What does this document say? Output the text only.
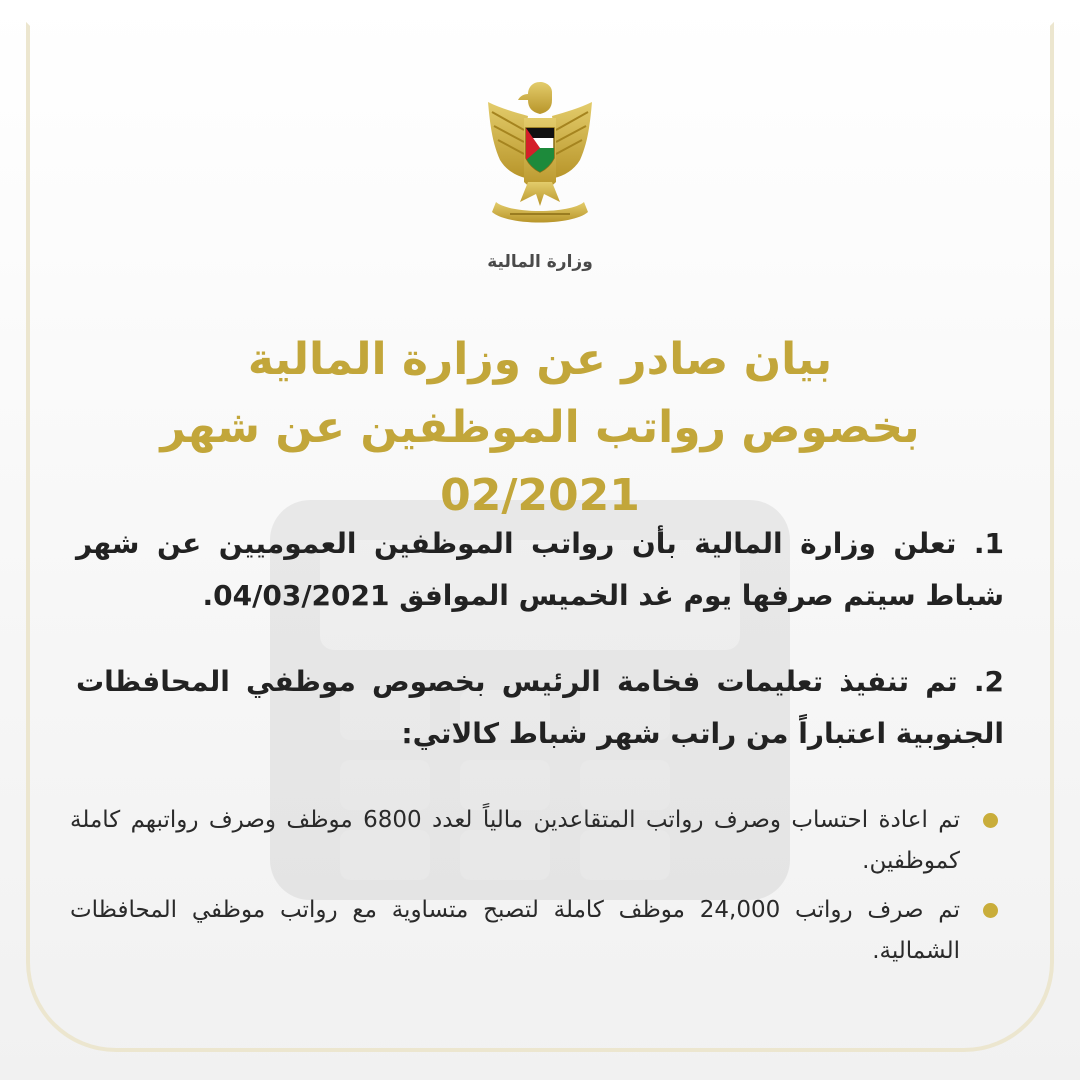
وزارة المالية
بيان صادر عن وزارة المالية
بخصوص رواتب الموظفين عن شهر 02/2021

1. تعلن وزارة المالية بأن رواتب الموظفين العموميين عن شهر شباط سيتم صرفها يوم غد الخميس الموافق 04/03/2021.

2. تم تنفيذ تعليمات فخامة الرئيس بخصوص موظفي المحافظات الجنوبية اعتباراً من راتب شهر شباط كالاتي:

تم اعادة احتساب وصرف رواتب المتقاعدين مالياً لعدد 6800 موظف وصرف رواتبهم كاملة كموظفين.
تم صرف رواتب 24,000 موظف كاملة لتصبح متساوية مع رواتب موظفي المحافظات الشمالية.
